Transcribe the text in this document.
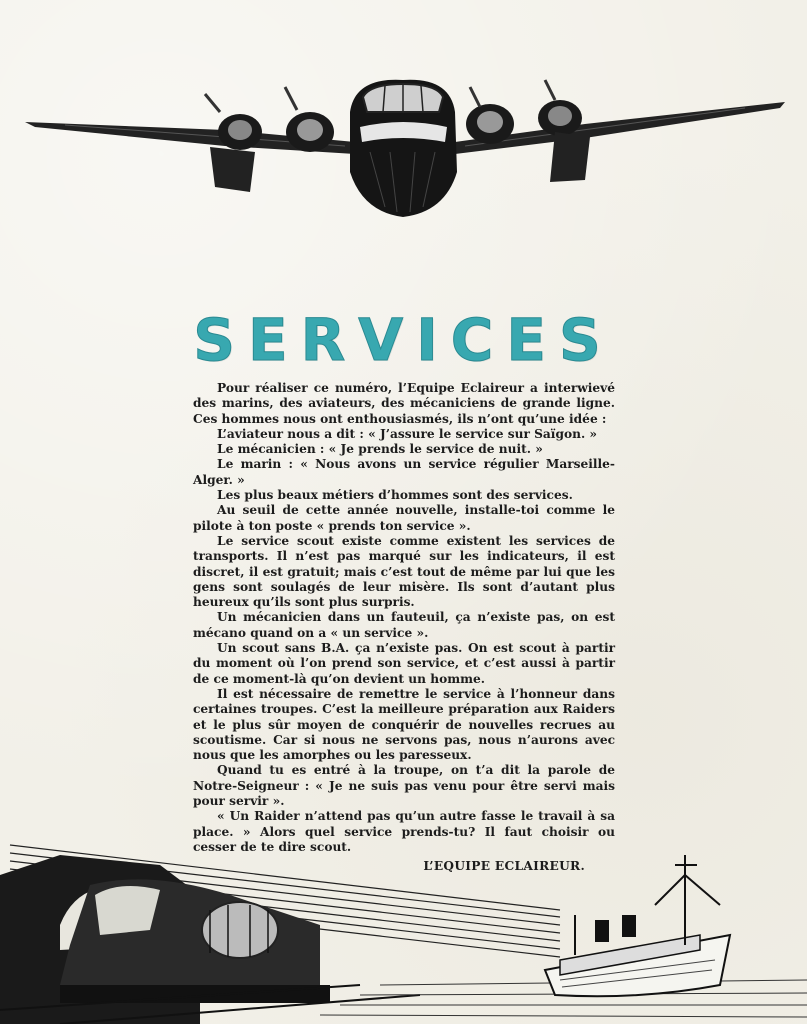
SERVICES

Pour réaliser ce numéro, l’Equipe Eclaireur a interwievé des marins, des aviateurs, des mécaniciens de grande ligne. Ces hommes nous ont enthousiasmés, ils n’ont qu’une idée :

L’aviateur nous a dit : « J’assure le service sur Saïgon. »

Le mécanicien : « Je prends le service de nuit. »

Le marin : « Nous avons un service régulier Marseille-Alger. »

Les plus beaux métiers d’hommes sont des services.

Au seuil de cette année nouvelle, installe-toi comme le pilote à ton poste « prends ton service ».

Le service scout existe comme existent les services de transports. Il n’est pas marqué sur les indicateurs, il est discret, il est gratuit; mais c’est tout de même par lui que les gens sont soulagés de leur misère. Ils sont d’autant plus heureux qu’ils sont plus surpris.

Un mécanicien dans un fauteuil, ça n’existe pas, on est mécano quand on a « un service ».

Un scout sans B.A. ça n’existe pas. On est scout à partir du moment où l’on prend son service, et c’est aussi à partir de ce moment-là qu’on devient un homme.

Il est nécessaire de remettre le service à l’honneur dans certaines troupes. C’est la meilleure préparation aux Raiders et le plus sûr moyen de conquérir de nouvelles recrues au scoutisme. Car si nous ne servons pas, nous n’aurons avec nous que les amorphes ou les paresseux.

Quand tu es entré à la troupe, on t’a dit la parole de Notre-Seigneur : « Je ne suis pas venu pour être servi mais pour servir ».

« Un Raider n’attend pas qu’un autre fasse le travail à sa place. » Alors quel service prends-tu? Il faut choisir ou cesser de te dire scout.

L’EQUIPE ECLAIREUR.
